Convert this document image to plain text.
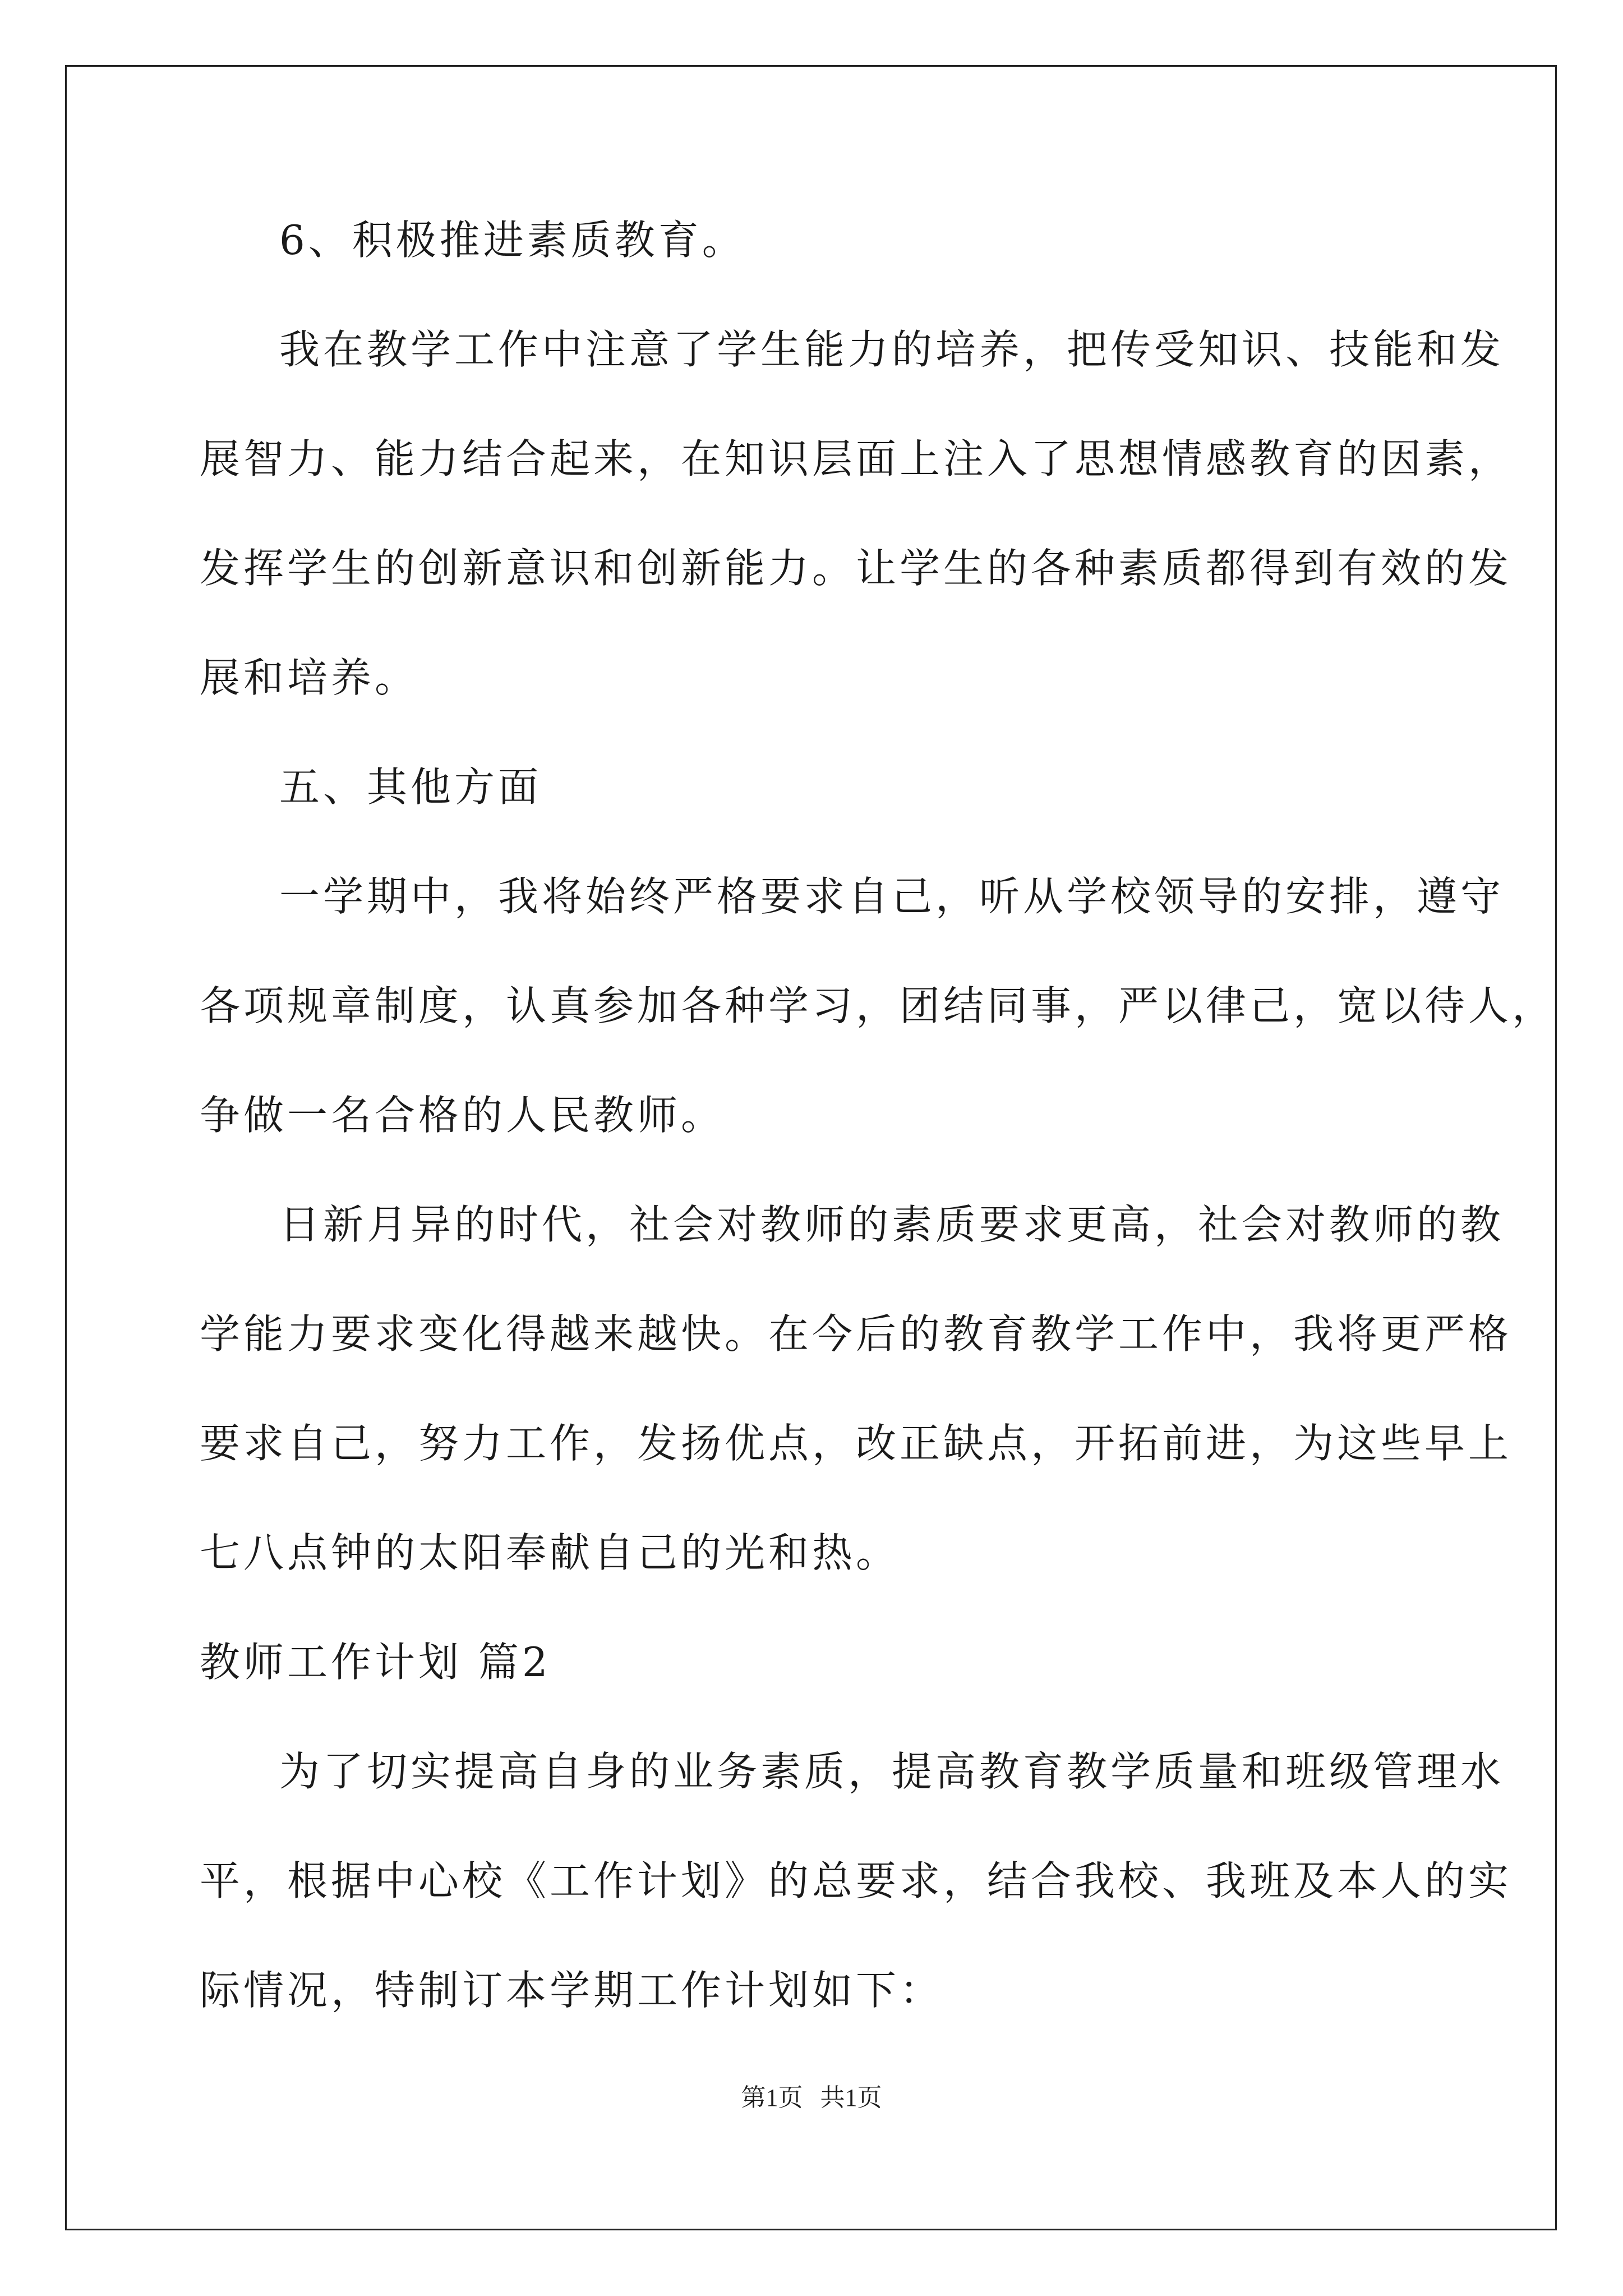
6、积极推进素质教育。
我在教学工作中注意了学生能力的培养，把传受知识、技能和发
展智力、能力结合起来，在知识层面上注入了思想情感教育的因素，
发挥学生的创新意识和创新能力。让学生的各种素质都得到有效的发
展和培养。
五、其他方面
一学期中，我将始终严格要求自己，听从学校领导的安排，遵守
各项规章制度，认真参加各种学习，团结同事，严以律己，宽以待人，
争做一名合格的人民教师。
日新月异的时代，社会对教师的素质要求更高，社会对教师的教
学能力要求变化得越来越快。在今后的教育教学工作中，我将更严格
要求自己，努力工作，发扬优点，改正缺点，开拓前进，为这些早上
七八点钟的太阳奉献自己的光和热。
教师工作计划 篇2
为了切实提高自身的业务素质，提高教育教学质量和班级管理水
平，根据中心校《工作计划》的总要求，结合我校、我班及本人的实
际情况，特制订本学期工作计划如下：
第1页 共1页
